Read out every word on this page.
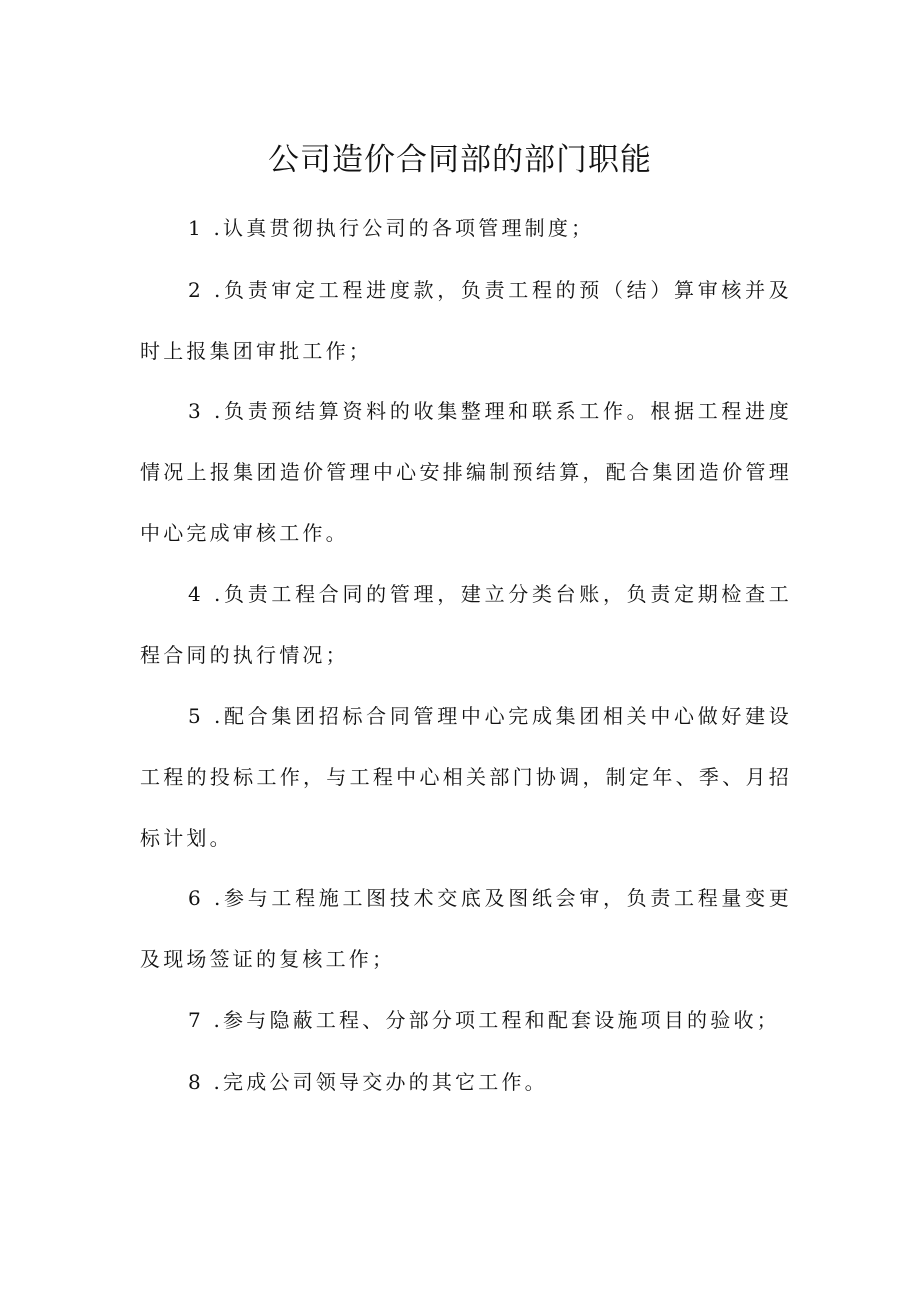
公司造价合同部的部门职能

1 .认真贯彻执行公司的各项管理制度；

2 .负责审定工程进度款，负责工程的预（结）算审核并及时上报集团审批工作；

3 .负责预结算资料的收集整理和联系工作。根据工程进度情况上报集团造价管理中心安排编制预结算，配合集团造价管理中心完成审核工作。

4 .负责工程合同的管理，建立分类台账，负责定期检查工程合同的执行情况；

5 .配合集团招标合同管理中心完成集团相关中心做好建设工程的投标工作，与工程中心相关部门协调，制定年、季、月招标计划。

6 .参与工程施工图技术交底及图纸会审，负责工程量变更及现场签证的复核工作；

7 .参与隐蔽工程、分部分项工程和配套设施项目的验收；

8 .完成公司领导交办的其它工作。
